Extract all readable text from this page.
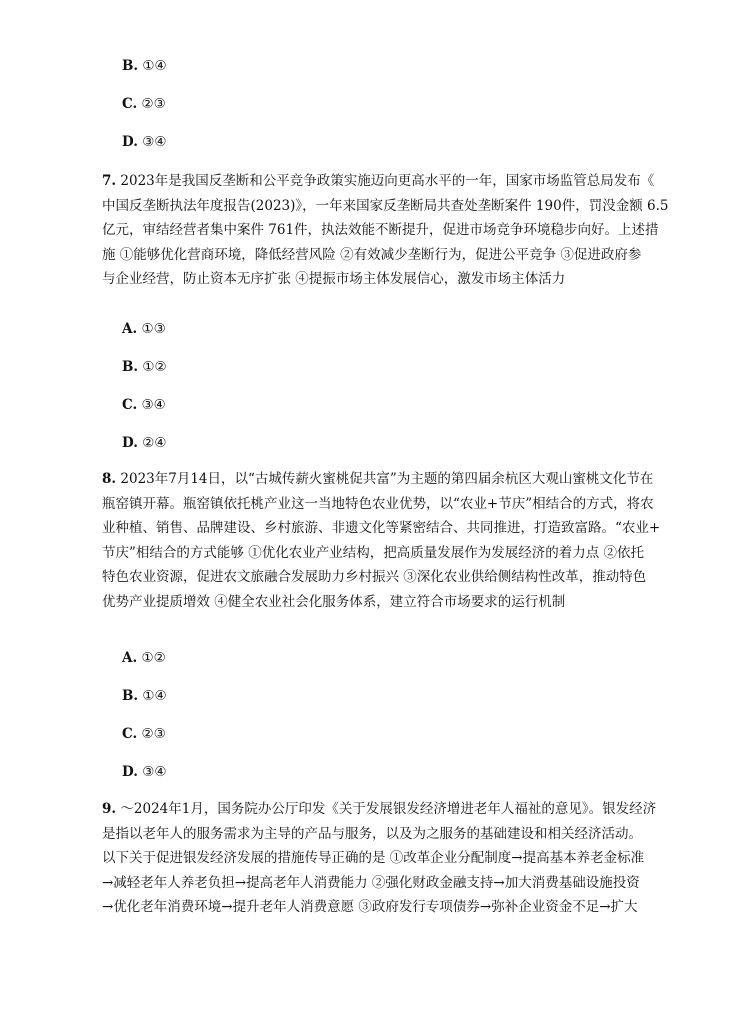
B. ①④
C. ②③
D. ③④
7. 2023年是我国反垄断和公平竞争政策实施迈向更高水平的一年，国家市场监管总局发布《
中国反垄断执法年度报告(2023)》，一年来国家反垄断局共查处垄断案件 190件，罚没金额 6.5
亿元，审结经营者集中案件 761件，执法效能不断提升，促进市场竞争环境稳步向好。上述措
施 ①能够优化营商环境，降低经营风险 ②有效减少垄断行为，促进公平竞争 ③促进政府参
与企业经营，防止资本无序扩张 ④提振市场主体发展信心，激发市场主体活力
A. ①③
B. ①②
C. ③④
D. ②④
8. 2023年7月14日，以“古城传薪火蜜桃促共富”为主题的第四届余杭区大观山蜜桃文化节在
瓶窑镇开幕。瓶窑镇依托桃产业这一当地特色农业优势，以“农业+节庆”相结合的方式，将农
业种植、销售、品牌建设、乡村旅游、非遗文化等紧密结合、共同推进，打造致富路。“农业+
节庆”相结合的方式能够 ①优化农业产业结构，把高质量发展作为发展经济的着力点 ②依托
特色农业资源，促进农文旅融合发展助力乡村振兴 ③深化农业供给侧结构性改革，推动特色
优势产业提质增效 ④健全农业社会化服务体系，建立符合市场要求的运行机制
A. ①②
B. ①④
C. ②③
D. ③④
9. ～2024年1月，国务院办公厅印发《关于发展银发经济增进老年人福祉的意见》。银发经济
是指以老年人的服务需求为主导的产品与服务，以及为之服务的基础建设和相关经济活动。
以下关于促进银发经济发展的措施传导正确的是 ①改革企业分配制度→提高基本养老金标准
→减轻老年人养老负担→提高老年人消费能力 ②强化财政金融支持→加大消费基础设施投资
→优化老年消费环境→提升老年人消费意愿 ③政府发行专项债券→弥补企业资金不足→扩大
